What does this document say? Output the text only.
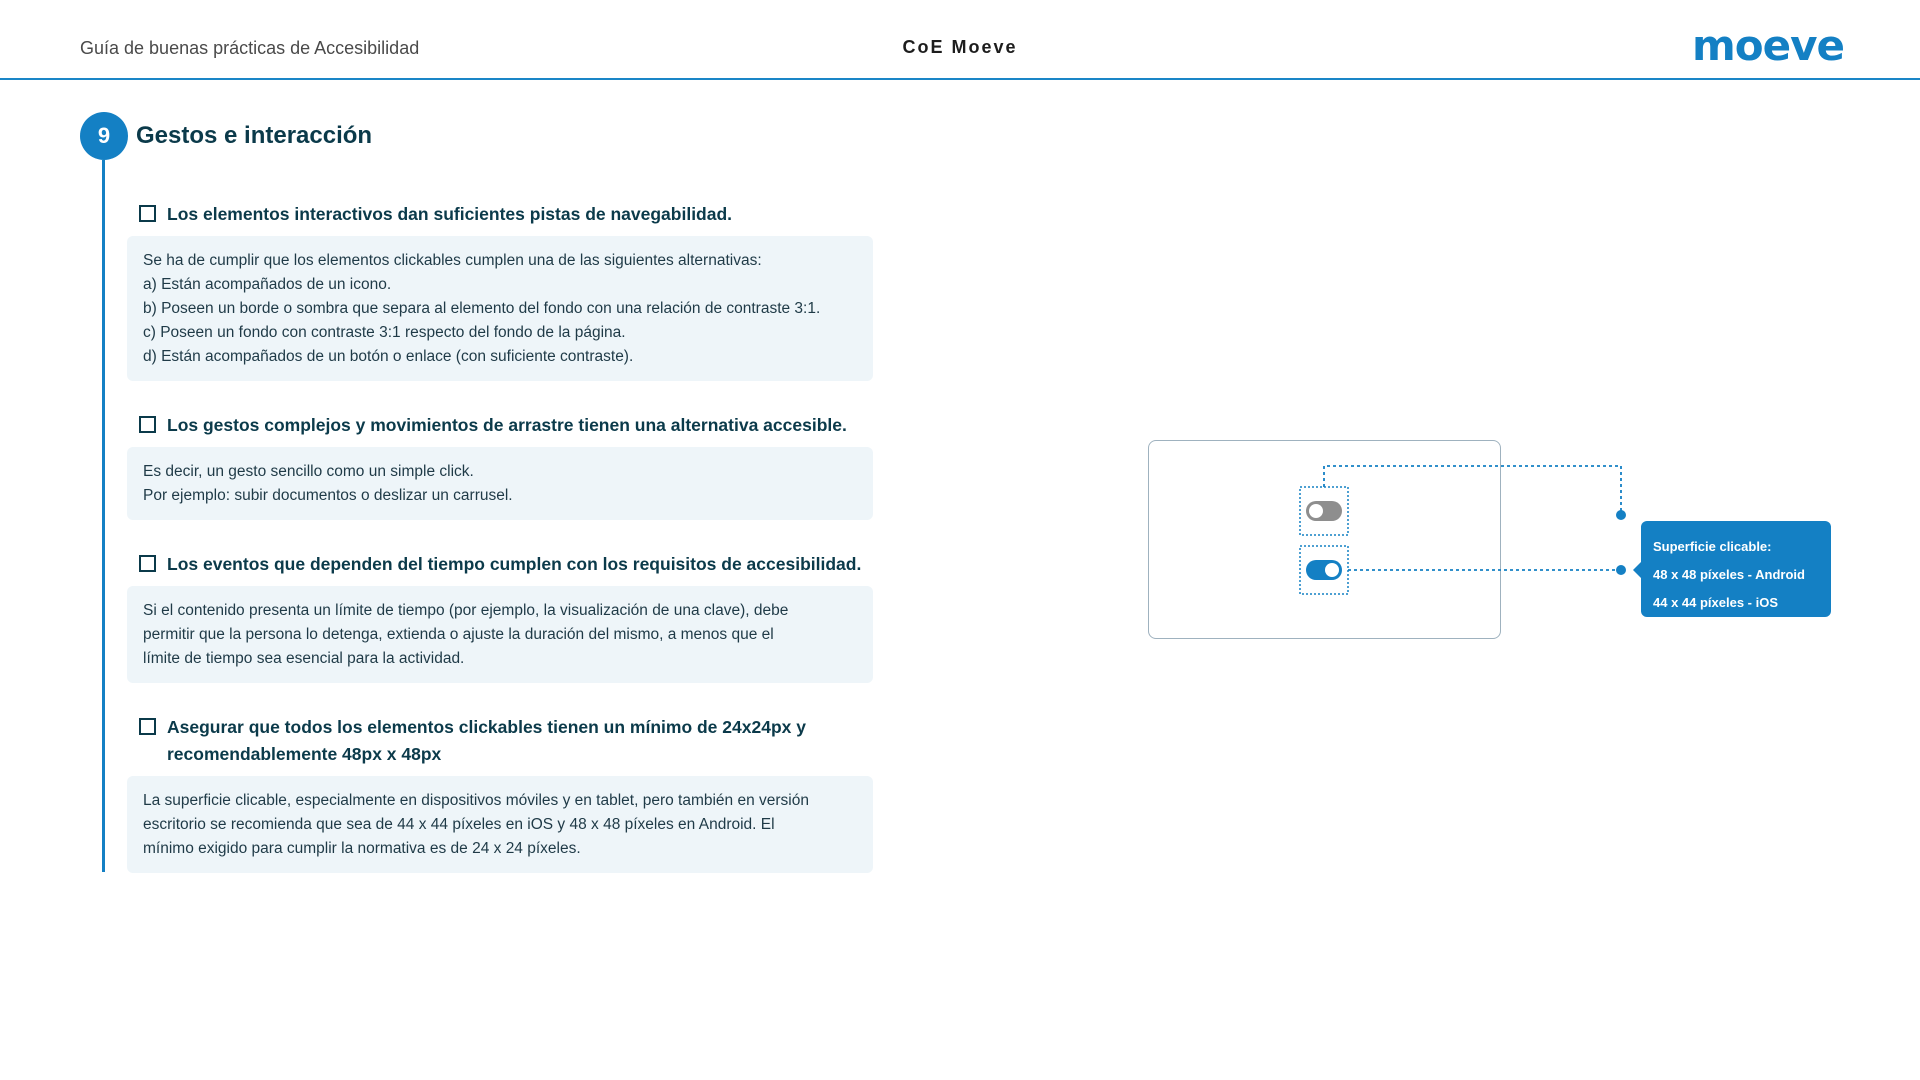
Guía de buenas prácticas de Accesibilidad	CoE Moeve	moeve
9	Gestos e interacción
Los elementos interactivos dan suficientes pistas de navegabilidad.
Se ha de cumplir que los elementos clickables cumplen una de las siguientes alternativas:
a) Están acompañados de un icono.
b) Poseen un borde o sombra que separa al elemento del fondo con una relación de contraste 3:1.
c) Poseen un fondo con contraste 3:1 respecto del fondo de la página.
d) Están acompañados de un botón o enlace (con suficiente contraste).
Los gestos complejos y movimientos de arrastre tienen una alternativa accesible.
Es decir, un gesto sencillo como un simple click.
Por ejemplo: subir documentos o deslizar un carrusel.
Los eventos que dependen del tiempo cumplen con los requisitos de accesibilidad.
Si el contenido presenta un límite de tiempo (por ejemplo, la visualización de una clave), debe
permitir que la persona lo detenga, extienda o ajuste la duración del mismo, a menos que el
límite de tiempo sea esencial para la actividad.
Asegurar que todos los elementos clickables tienen un mínimo de 24x24px y
recomendablemente 48px x 48px
La superficie clicable, especialmente en dispositivos móviles y en tablet, pero también en versión
escritorio se recomienda que sea de 44 x 44 píxeles en iOS y 48 x 48 píxeles en Android. El
mínimo exigido para cumplir la normativa es de 24 x 24 píxeles.
Superficie clicable:
48 x 48 píxeles - Android
44 x 44 píxeles - iOS
